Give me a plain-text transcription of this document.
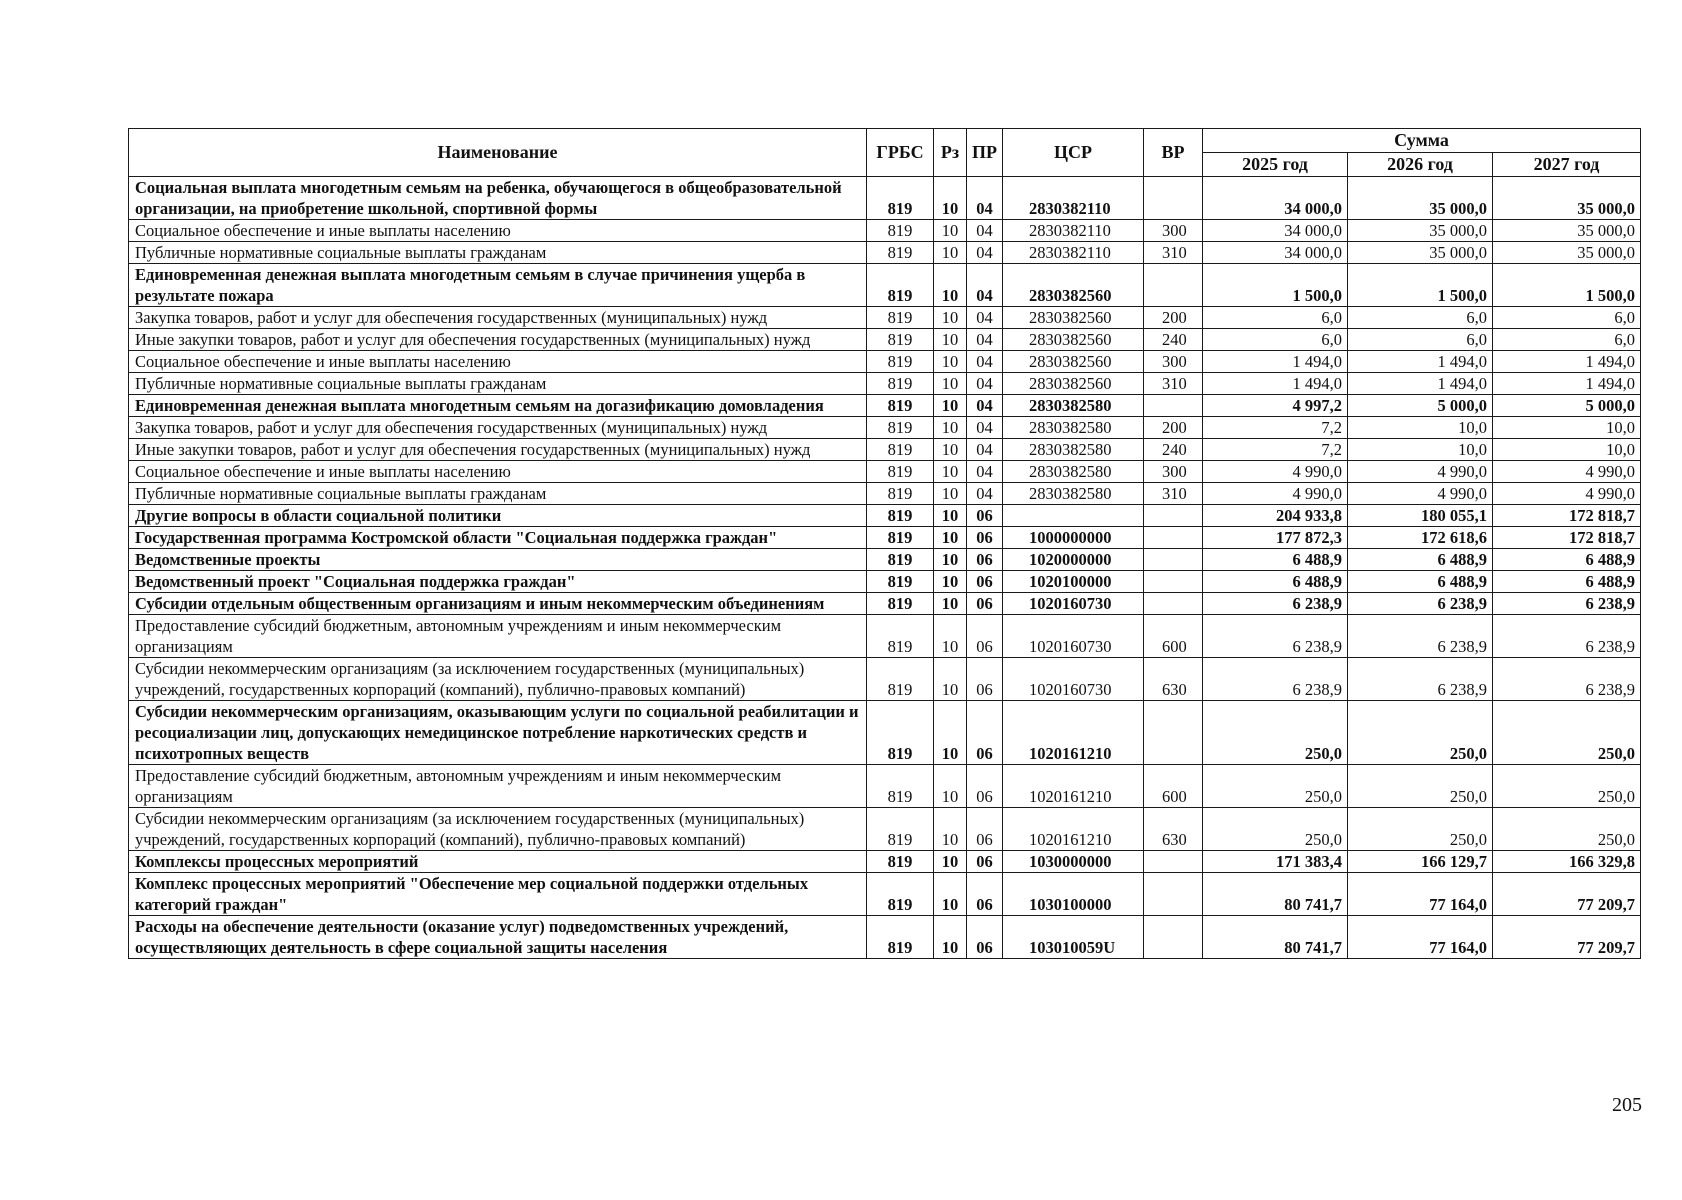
Наименование	ГРБС	Рз	ПР	ЦСР	ВР	Сумма		
						2025 год	2026 год	2027 год
Социальная выплата многодетным семьям на ребенка, обучающегося в общеобразовательной организации, на приобретение школьной, спортивной формы	819	10	04	2830382110		34 000,0	35 000,0	35 000,0
Социальное обеспечение и иные выплаты населению	819	10	04	2830382110	300	34 000,0	35 000,0	35 000,0
Публичные нормативные социальные выплаты гражданам	819	10	04	2830382110	310	34 000,0	35 000,0	35 000,0
Единовременная денежная выплата многодетным семьям в случае причинения ущерба в результате пожара	819	10	04	2830382560		1 500,0	1 500,0	1 500,0
Закупка товаров, работ и услуг для обеспечения государственных (муниципальных) нужд	819	10	04	2830382560	200	6,0	6,0	6,0
Иные закупки товаров, работ и услуг для обеспечения государственных (муниципальных) нужд	819	10	04	2830382560	240	6,0	6,0	6,0
Социальное обеспечение и иные выплаты населению	819	10	04	2830382560	300	1 494,0	1 494,0	1 494,0
Публичные нормативные социальные выплаты гражданам	819	10	04	2830382560	310	1 494,0	1 494,0	1 494,0
Единовременная денежная выплата многодетным семьям на догазификацию домовладения	819	10	04	2830382580		4 997,2	5 000,0	5 000,0
Закупка товаров, работ и услуг для обеспечения государственных (муниципальных) нужд	819	10	04	2830382580	200	7,2	10,0	10,0
Иные закупки товаров, работ и услуг для обеспечения государственных (муниципальных) нужд	819	10	04	2830382580	240	7,2	10,0	10,0
Социальное обеспечение и иные выплаты населению	819	10	04	2830382580	300	4 990,0	4 990,0	4 990,0
Публичные нормативные социальные выплаты гражданам	819	10	04	2830382580	310	4 990,0	4 990,0	4 990,0
Другие вопросы в области социальной политики	819	10	06			204 933,8	180 055,1	172 818,7
Государственная программа Костромской области "Социальная поддержка граждан"	819	10	06	1000000000		177 872,3	172 618,6	172 818,7
Ведомственные проекты	819	10	06	1020000000		6 488,9	6 488,9	6 488,9
Ведомственный проект "Социальная поддержка граждан"	819	10	06	1020100000		6 488,9	6 488,9	6 488,9
Субсидии отдельным общественным организациям и иным некоммерческим объединениям	819	10	06	1020160730		6 238,9	6 238,9	6 238,9
Предоставление субсидий бюджетным, автономным учреждениям и иным некоммерческим организациям	819	10	06	1020160730	600	6 238,9	6 238,9	6 238,9
Субсидии некоммерческим организациям (за исключением государственных (муниципальных) учреждений, государственных корпораций (компаний), публично-правовых компаний)	819	10	06	1020160730	630	6 238,9	6 238,9	6 238,9
Субсидии некоммерческим организациям, оказывающим услуги по социальной реабилитации и ресоциализации лиц, допускающих немедицинское потребление наркотических средств и психотропных веществ	819	10	06	1020161210		250,0	250,0	250,0
Предоставление субсидий бюджетным, автономным учреждениям и иным некоммерческим организациям	819	10	06	1020161210	600	250,0	250,0	250,0
Субсидии некоммерческим организациям (за исключением государственных (муниципальных) учреждений, государственных корпораций (компаний), публично-правовых компаний)	819	10	06	1020161210	630	250,0	250,0	250,0
Комплексы процессных мероприятий	819	10	06	1030000000		171 383,4	166 129,7	166 329,8
Комплекс процессных мероприятий "Обеспечение мер социальной поддержки отдельных категорий граждан"	819	10	06	1030100000		80 741,7	77 164,0	77 209,7
Расходы на обеспечение деятельности (оказание услуг) подведомственных учреждений, осуществляющих деятельность в сфере социальной защиты населения	819	10	06	103010059U		80 741,7	77 164,0	77 209,7
205
